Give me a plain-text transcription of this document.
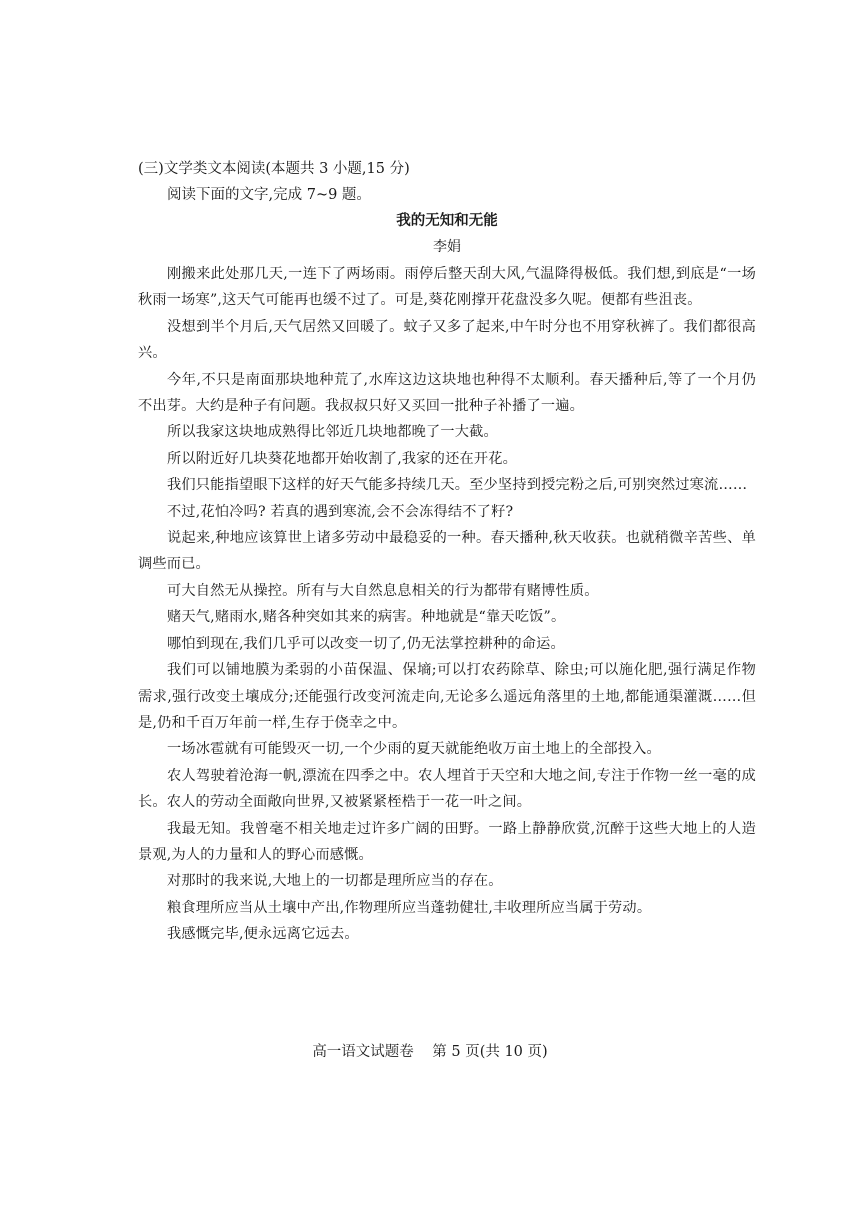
(三)文学类文本阅读(本题共 3 小题,15 分)
阅读下面的文字,完成 7~9 题。
我的无知和无能
李娟

刚搬来此处那几天,一连下了两场雨。雨停后整天刮大风,气温降得极低。我们想,到底是“一场秋雨一场寒”,这天气可能再也缓不过了。可是,葵花刚撑开花盘没多久呢。便都有些沮丧。

没想到半个月后,天气居然又回暖了。蚊子又多了起来,中午时分也不用穿秋裤了。我们都很高兴。

今年,不只是南面那块地种荒了,水库这边这块地也种得不太顺利。春天播种后,等了一个月仍不出芽。大约是种子有问题。我叔叔只好又买回一批种子补播了一遍。

所以我家这块地成熟得比邻近几块地都晚了一大截。

所以附近好几块葵花地都开始收割了,我家的还在开花。

我们只能指望眼下这样的好天气能多持续几天。至少坚持到授完粉之后,可别突然过寒流……

不过,花怕冷吗? 若真的遇到寒流,会不会冻得结不了籽?

说起来,种地应该算世上诸多劳动中最稳妥的一种。春天播种,秋天收获。也就稍微辛苦些、单调些而已。

可大自然无从操控。所有与大自然息息相关的行为都带有赌博性质。

赌天气,赌雨水,赌各种突如其来的病害。种地就是“靠天吃饭”。

哪怕到现在,我们几乎可以改变一切了,仍无法掌控耕种的命运。

我们可以铺地膜为柔弱的小苗保温、保墒;可以打农药除草、除虫;可以施化肥,强行满足作物需求,强行改变土壤成分;还能强行改变河流走向,无论多么遥远角落里的土地,都能通渠灌溉……但是,仍和千百万年前一样,生存于侥幸之中。

一场冰雹就有可能毁灭一切,一个少雨的夏天就能绝收万亩土地上的全部投入。

农人驾驶着沧海一帆,漂流在四季之中。农人埋首于天空和大地之间,专注于作物一丝一毫的成长。农人的劳动全面敞向世界,又被紧紧桎梏于一花一叶之间。

我最无知。我曾毫不相关地走过许多广阔的田野。一路上静静欣赏,沉醉于这些大地上的人造景观,为人的力量和人的野心而感慨。

对那时的我来说,大地上的一切都是理所应当的存在。

粮食理所应当从土壤中产出,作物理所应当蓬勃健壮,丰收理所应当属于劳动。

我感慨完毕,便永远离它远去。

高一语文试题卷    第 5 页(共 10 页)
